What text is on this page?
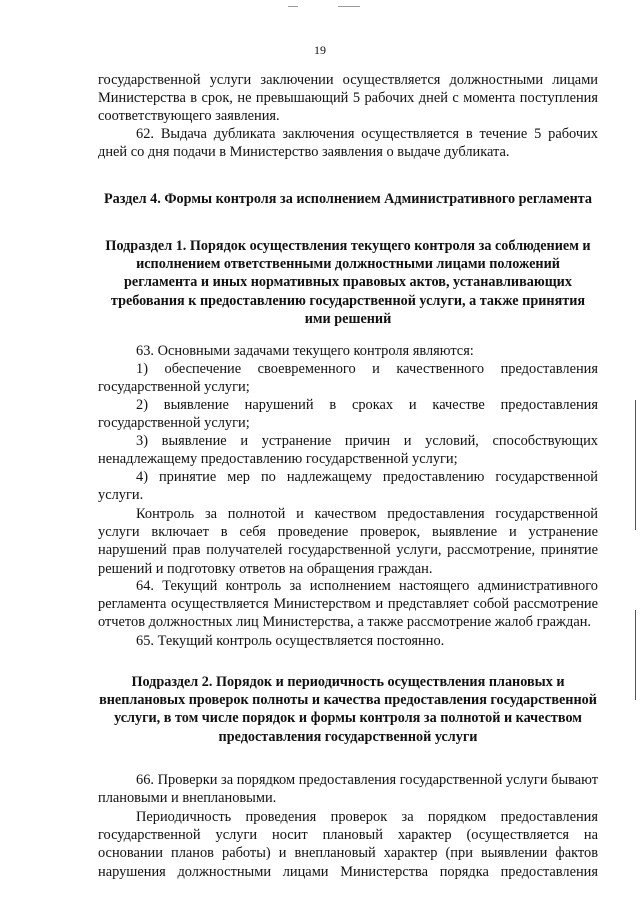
19

государственной услуги заключении осуществляется должностными лицами Министерства в срок, не превышающий 5 рабочих дней с момента поступления соответствующего заявления.

62. Выдача дубликата заключения осуществляется в течение 5 рабочих дней со дня подачи в Министерство заявления о выдаче дубликата.

Раздел 4. Формы контроля за исполнением Административного регламента
Подраздел 1. Порядок осуществления текущего контроля за соблюдением и исполнением ответственными должностными лицами положений регламента и иных нормативных правовых актов, устанавливающих требования к предоставлению государственной услуги, а также принятия ими решений

63. Основными задачами текущего контроля являются:

1) обеспечение своевременного и качественного предоставления государственной услуги;

2) выявление нарушений в сроках и качестве предоставления государственной услуги;

3) выявление и устранение причин и условий, способствующих ненадлежащему предоставлению государственной услуги;

4) принятие мер по надлежащему предоставлению государственной услуги.

Контроль за полнотой и качеством предоставления государственной услуги включает в себя проведение проверок, выявление и устранение нарушений прав получателей государственной услуги, рассмотрение, принятие решений и подготовку ответов на обращения граждан.

64. Текущий контроль за исполнением настоящего административного регламента осуществляется Министерством и представляет собой рассмотрение отчетов должностных лиц Министерства, а также рассмотрение жалоб граждан.

65. Текущий контроль осуществляется постоянно.

Подраздел 2. Порядок и периодичность осуществления плановых и внеплановых проверок полноты и качества предоставления государственной услуги, в том числе порядок и формы контроля за полнотой и качеством предоставления государственной услуги

66. Проверки за порядком предоставления государственной услуги бывают плановыми и внеплановыми.

Периодичность проведения проверок за порядком предоставления государственной услуги носит плановый характер (осуществляется на основании планов работы) и внеплановый характер (при выявлении фактов нарушения должностными лицами Министерства порядка предоставления
